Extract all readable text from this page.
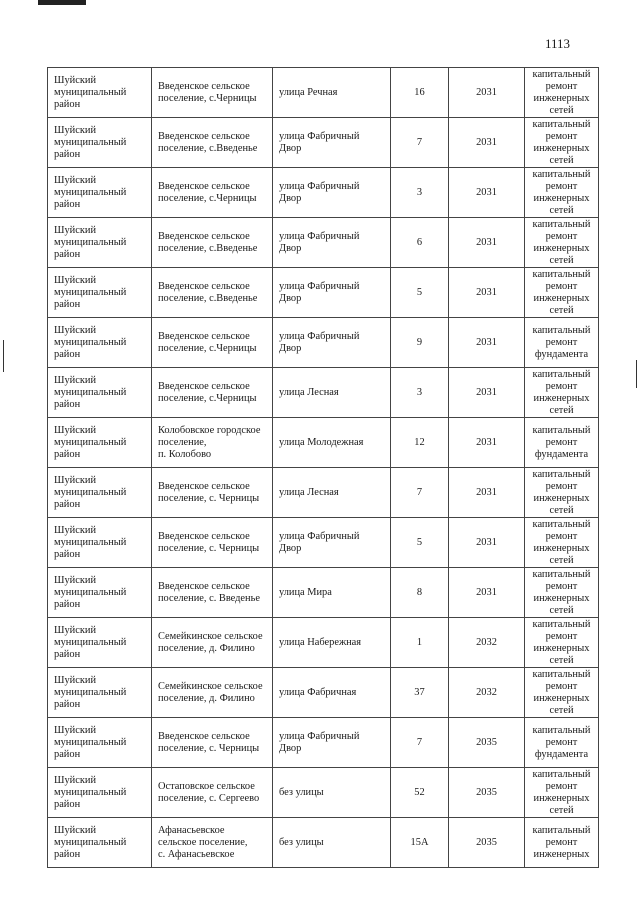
1113
Шуйский
муниципальный
район	Введенское сельское
поселение, с.Черницы	улица Речная	16	2031	капитальный
ремонт
инженерных
сетей

Шуйский
муниципальный
район	Введенское сельское
поселение, с.Введенье	улица Фабричный
Двор	7	2031	капитальный
ремонт
инженерных
сетей

Шуйский
муниципальный
район	Введенское сельское
поселение, с.Черницы	улица Фабричный
Двор	3	2031	капитальный
ремонт
инженерных
сетей

Шуйский
муниципальный
район	Введенское сельское
поселение, с.Введенье	улица Фабричный
Двор	6	2031	капитальный
ремонт
инженерных
сетей

Шуйский
муниципальный
район	Введенское сельское
поселение, с.Введенье	улица Фабричный
Двор	5	2031	капитальный
ремонт
инженерных
сетей

Шуйский
муниципальный
район	Введенское сельское
поселение, с.Черницы	улица Фабричный
Двор	9	2031	капитальный
ремонт
фундамента

Шуйский
муниципальный
район	Введенское сельское
поселение, с.Черницы	улица Лесная	3	2031	капитальный
ремонт
инженерных
сетей

Шуйский
муниципальный
район	Колобовское городское
поселение,
п. Колобово	улица Молодежная	12	2031	капитальный
ремонт
фундамента

Шуйский
муниципальный
район	Введенское сельское
поселение, с. Черницы	улица Лесная	7	2031	капитальный
ремонт
инженерных
сетей

Шуйский
муниципальный
район	Введенское сельское
поселение, с. Черницы	улица Фабричный
Двор	5	2031	капитальный
ремонт
инженерных
сетей

Шуйский
муниципальный
район	Введенское сельское
поселение, с. Введенье	улица Мира	8	2031	капитальный
ремонт
инженерных
сетей

Шуйский
муниципальный
район	Семейкинское сельское
поселение, д. Филино	улица Набережная	1	2032	капитальный
ремонт
инженерных
сетей

Шуйский
муниципальный
район	Семейкинское сельское
поселение, д. Филино	улица Фабричная	37	2032	капитальный
ремонт
инженерных
сетей

Шуйский
муниципальный
район	Введенское сельское
поселение, с. Черницы	улица Фабричный
Двор	7	2035	капитальный
ремонт
фундамента

Шуйский
муниципальный
район	Остаповское сельское
поселение, с. Сергеево	без улицы	52	2035	капитальный
ремонт
инженерных
сетей

Шуйский
муниципальный
район	Афанасьевское
сельское поселение,
с. Афанасьевское	без улицы	15А	2035	капитальный
ремонт
инженерных
